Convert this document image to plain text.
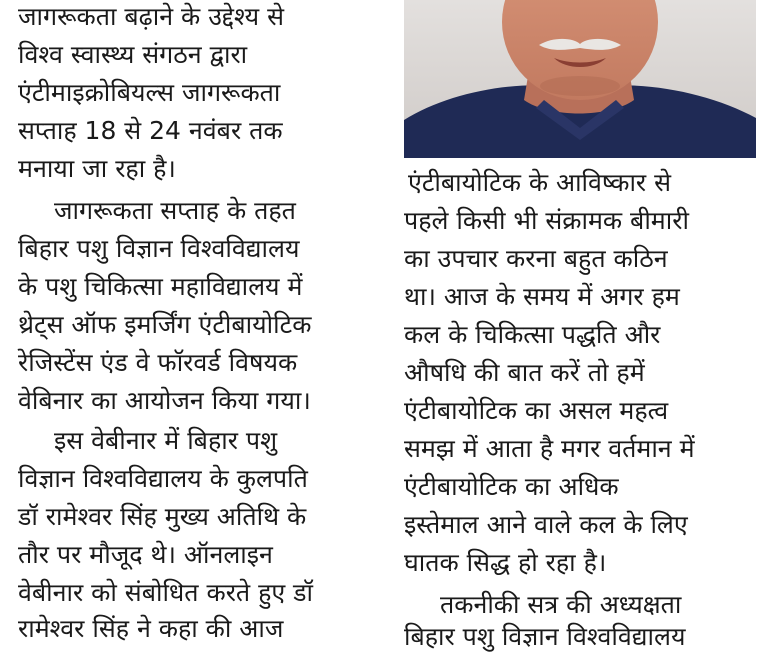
जागरूकता बढ़ाने के उद्देश्य से
विश्व स्वास्थ्य संगठन द्वारा
एंटीमाइक्रोबियल्स जागरूकता
सप्ताह 18 से 24 नवंबर तक
मनाया जा रहा है।
जागरूकता सप्ताह के तहत
बिहार पशु विज्ञान विश्वविद्यालय
के पशु चिकित्सा महाविद्यालय में
थ्रेट्स ऑफ इमर्जिंग एंटीबायोटिक
रेजिस्टेंस एंड वे फॉरवर्ड विषयक
वेबिनार का आयोजन किया गया।
इस वेबीनार में बिहार पशु
विज्ञान विश्वविद्यालय के कुलपति
डॉ रामेश्वर सिंह मुख्य अतिथि के
तौर पर मौजूद थे। ऑनलाइन
वेबीनार को संबोधित करते हुए डॉ
रामेश्वर सिंह ने कहा की आज
एंटीबायोटिक के आविष्कार से
पहले किसी भी संक्रामक बीमारी
का उपचार करना बहुत कठिन
था। आज के समय में अगर हम
कल के चिकित्सा पद्धति और
औषधि की बात करें तो हमें
एंटीबायोटिक का असल महत्व
समझ में आता है मगर वर्तमान में
एंटीबायोटिक का अधिक
इस्तेमाल आने वाले कल के लिए
घातक सिद्ध हो रहा है।
तकनीकी सत्र की अध्यक्षता
बिहार पशु विज्ञान विश्वविद्यालय
